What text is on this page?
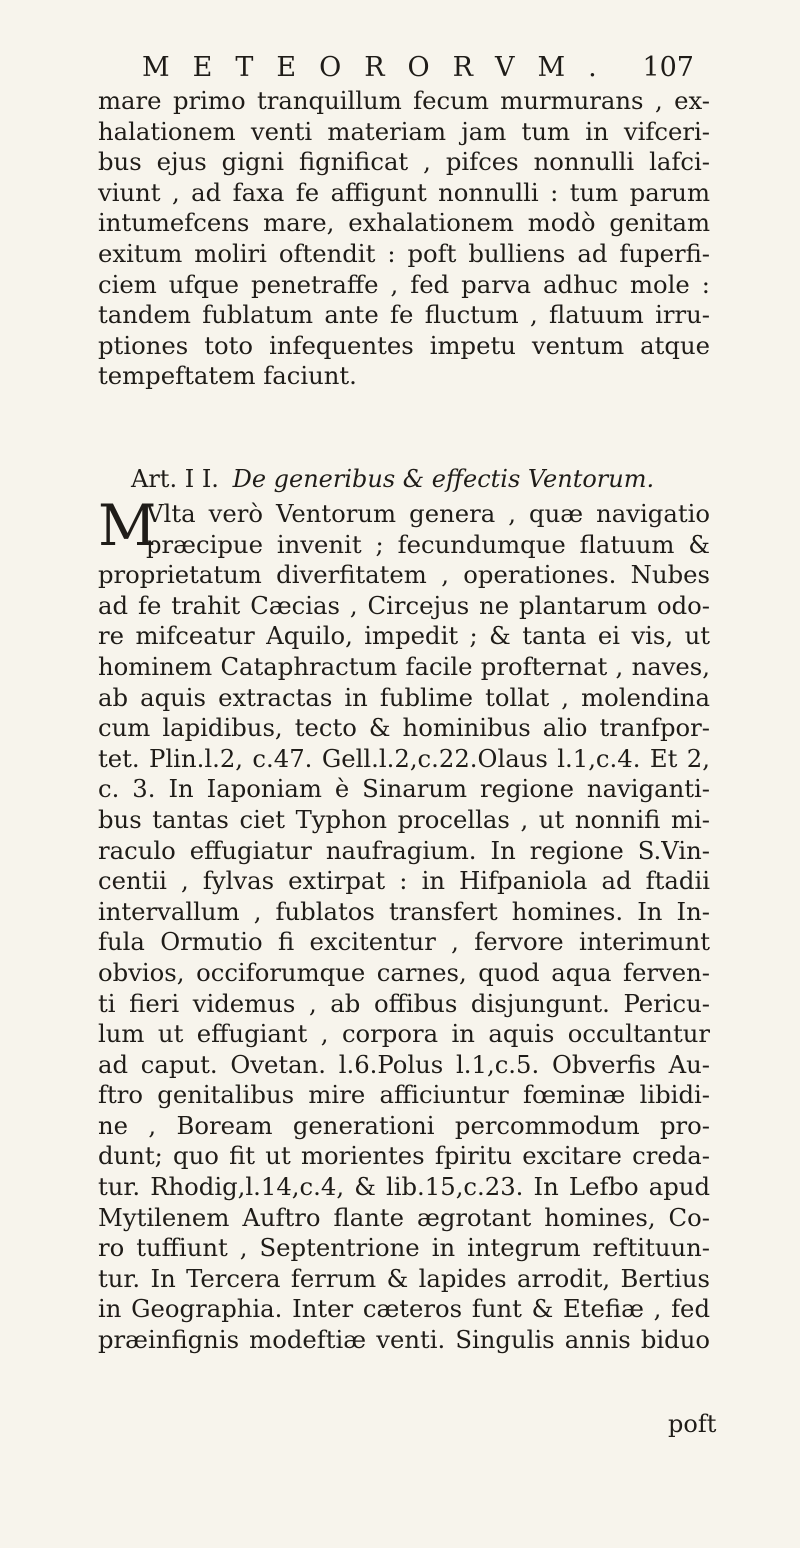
METEORORVM. 107
mare primo tranquillum fecum murmurans , ex-
halationem venti materiam jam tum in vifceri-
bus ejus gigni fignificat , pifces nonnulli lafci-
viunt , ad faxa fe affigunt nonnulli : tum parum
intumefcens mare, exhalationem modò genitam
exitum moliri oftendit : poft bulliens ad fuperfi-
ciem ufque penetraffe , fed parva adhuc mole :
tandem fublatum ante fe fluctum , flatuum irru-
ptiones toto infequentes impetu ventum atque
tempeftatem faciunt.
Art. I I. De generibus & effectis Ventorum.
M
Vlta verò Ventorum genera , quæ navigatio
præcipue invenit ; fecundumque flatuum &
proprietatum diverfitatem , operationes. Nubes
ad fe trahit Cæcias , Circejus ne plantarum odo-
re mifceatur Aquilo, impedit ; & tanta ei vis, ut
hominem Cataphractum facile profternat , naves,
ab aquis extractas in fublime tollat , molendina
cum lapidibus, tecto & hominibus alio tranfpor-
tet. Plin.l.2, c.47. Gell.l.2,c.22.Olaus l.1,c.4. Et 2,
c. 3. In Iaponiam è Sinarum regione naviganti-
bus tantas ciet Typhon procellas , ut nonnifi mi-
raculo effugiatur naufragium. In regione S.Vin-
centii , fylvas extirpat : in Hifpaniola ad ftadii
intervallum , fublatos transfert homines. In In-
fula Ormutio fi excitentur , fervore interimunt
obvios, occiforumque carnes, quod aqua ferven-
ti fieri videmus , ab offibus disjungunt. Pericu-
lum ut effugiant , corpora in aquis occultantur
ad caput. Ovetan. l.6.Polus l.1,c.5. Obverfis Au-
ftro genitalibus mire afficiuntur fœminæ libidi-
ne , Boream generationi percommodum pro-
dunt; quo fit ut morientes fpiritu excitare creda-
tur. Rhodig,l.14,c.4, & lib.15,c.23. In Lefbo apud
Mytilenem Auftro flante ægrotant homines, Co-
ro tuffiunt , Septentrione in integrum reftituun-
tur. In Tercera ferrum & lapides arrodit, Bertius
in Geographia. Inter cæteros funt & Etefiæ , fed
præinfignis modeftiæ venti. Singulis annis biduo
poft
